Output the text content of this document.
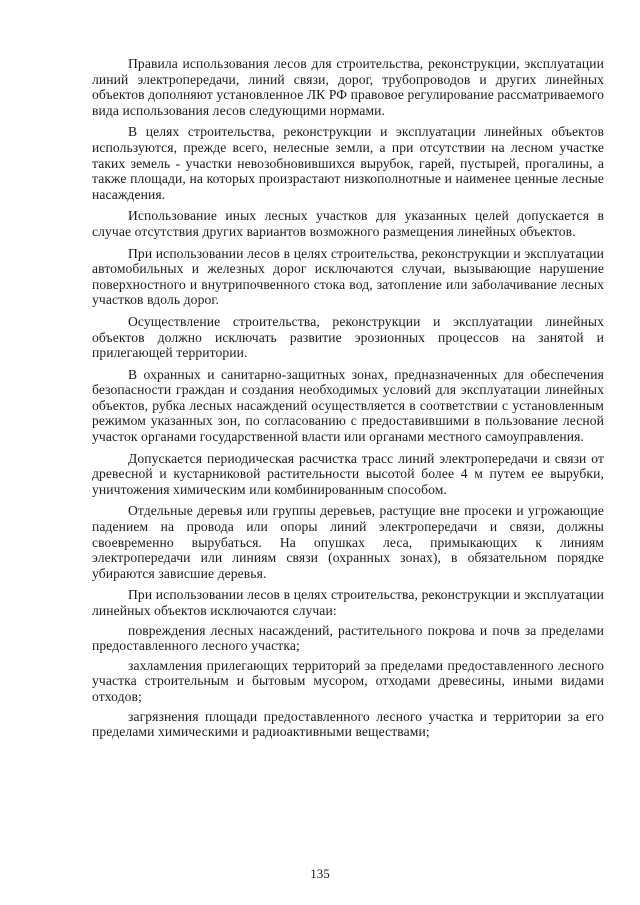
Правила использования лесов для строительства, реконструкции, эксплуатации линий электропередачи, линий связи, дорог, трубопроводов и других линейных объектов дополняют установленное ЛК РФ правовое регулирование рассматриваемого вида использования лесов следующими нормами.

В целях строительства, реконструкции и эксплуатации линейных объектов используются, прежде всего, нелесные земли, а при отсутствии на лесном участке таких земель - участки невозобновившихся вырубок, гарей, пустырей, прогалины, а также площади, на которых произрастают низкополнотные и наименее ценные лесные насаждения.

Использование иных лесных участков для указанных целей допускается в случае отсутствия других вариантов возможного размещения линейных объектов.

При использовании лесов в целях строительства, реконструкции и эксплуатации автомобильных и железных дорог исключаются случаи, вызывающие нарушение поверхностного и внутрипочвенного стока вод, затопление или заболачивание лесных участков вдоль дорог.

Осуществление строительства, реконструкции и эксплуатации линейных объектов должно исключать развитие эрозионных процессов на занятой и прилегающей территории.

В охранных и санитарно-защитных зонах, предназначенных для обеспечения безопасности граждан и создания необходимых условий для эксплуатации линейных объектов, рубка лесных насаждений осуществляется в соответствии с установленным режимом указанных зон, по согласованию с предоставившими в пользование лесной участок органами государственной власти или органами местного самоуправления.

Допускается периодическая расчистка трасс линий электропередачи и связи от древесной и кустарниковой растительности высотой более 4 м путем ее вырубки, уничтожения химическим или комбинированным способом.

Отдельные деревья или группы деревьев, растущие вне просеки и угрожающие падением на провода или опоры линий электропередачи и связи, должны своевременно вырубаться. На опушках леса, примыкающих к линиям электропередачи или линиям связи (охранных зонах), в обязательном порядке убираются зависшие деревья.

При использовании лесов в целях строительства, реконструкции и эксплуатации линейных объектов исключаются случаи:

повреждения лесных насаждений, растительного покрова и почв за пределами предоставленного лесного участка;

захламления прилегающих территорий за пределами предоставленного лесного участка строительным и бытовым мусором, отходами древесины, иными видами отходов;

загрязнения площади предоставленного лесного участка и территории за его пределами химическими и радиоактивными веществами;

135
